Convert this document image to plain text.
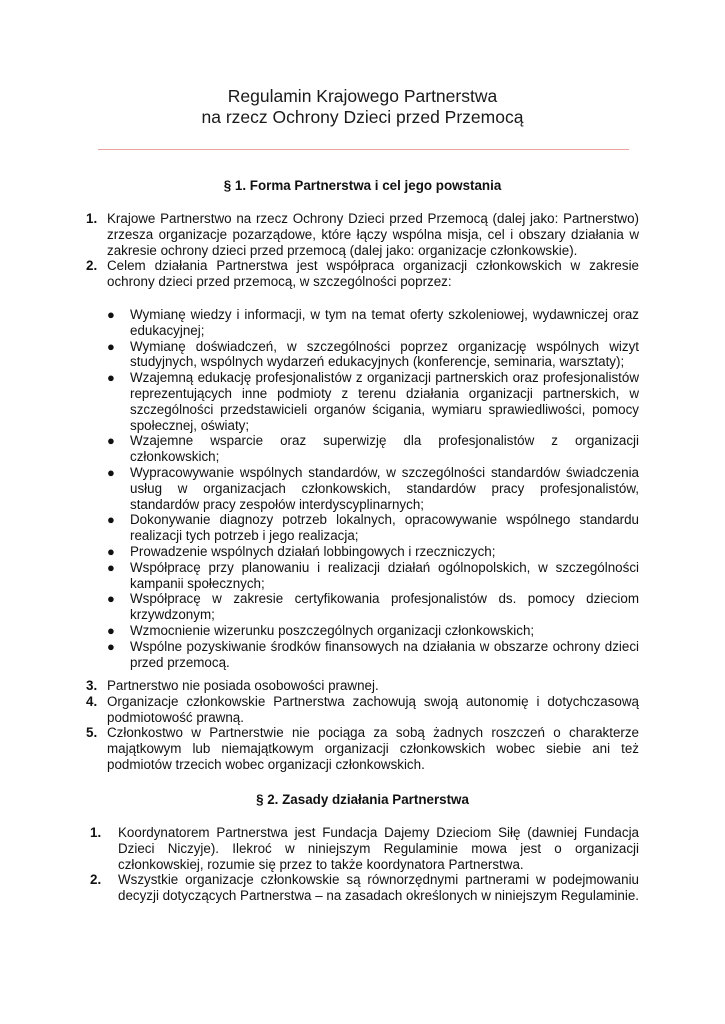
Regulamin Krajowego Partnerstwa
na rzecz Ochrony Dzieci przed Przemocą
§ 1. Forma Partnerstwa i cel jego powstania
1. Krajowe Partnerstwo na rzecz Ochrony Dzieci przed Przemocą (dalej jako: Partnerstwo) zrzesza organizacje pozarządowe, które łączy wspólna misja, cel i obszary działania w zakresie ochrony dzieci przed przemocą (dalej jako: organizacje członkowskie).
2. Celem działania Partnerstwa jest współpraca organizacji członkowskich w zakresie ochrony dzieci przed przemocą, w szczególności poprzez:
● Wymianę wiedzy i informacji, w tym na temat oferty szkoleniowej, wydawniczej oraz edukacyjnej;
● Wymianę doświadczeń, w szczególności poprzez organizację wspólnych wizyt studyjnych, wspólnych wydarzeń edukacyjnych (konferencje, seminaria, warsztaty);
● Wzajemną edukację profesjonalistów z organizacji partnerskich oraz profesjonalistów reprezentujących inne podmioty z terenu działania organizacji partnerskich, w szczególności przedstawicieli organów ścigania, wymiaru sprawiedliwości, pomocy społecznej, oświaty;
● Wzajemne wsparcie oraz superwizję dla profesjonalistów z organizacji członkowskich;
● Wypracowywanie wspólnych standardów, w szczególności standardów świadczenia usług w organizacjach członkowskich, standardów pracy profesjonalistów, standardów pracy zespołów interdyscyplinarnych;
● Dokonywanie diagnozy potrzeb lokalnych, opracowywanie wspólnego standardu realizacji tych potrzeb i jego realizacja;
● Prowadzenie wspólnych działań lobbingowych i rzeczniczych;
● Współpracę przy planowaniu i realizacji działań ogólnopolskich, w szczególności kampanii społecznych;
● Współpracę w zakresie certyfikowania profesjonalistów ds. pomocy dzieciom krzywdzonym;
● Wzmocnienie wizerunku poszczególnych organizacji członkowskich;
● Wspólne pozyskiwanie środków finansowych na działania w obszarze ochrony dzieci przed przemocą.
3. Partnerstwo nie posiada osobowości prawnej.
4. Organizacje członkowskie Partnerstwa zachowują swoją autonomię i dotychczasową podmiotowość prawną.
5. Członkostwo w Partnerstwie nie pociąga za sobą żadnych roszczeń o charakterze majątkowym lub niemajątkowym organizacji członkowskich wobec siebie ani też podmiotów trzecich wobec organizacji członkowskich.
§ 2. Zasady działania Partnerstwa
1. Koordynatorem Partnerstwa jest Fundacja Dajemy Dzieciom Siłę (dawniej Fundacja Dzieci Niczyje). Ilekroć w niniejszym Regulaminie mowa jest o organizacji członkowskiej, rozumie się przez to także koordynatora Partnerstwa.
2. Wszystkie organizacje członkowskie są równorzędnymi partnerami w podejmowaniu decyzji dotyczących Partnerstwa – na zasadach określonych w niniejszym Regulaminie.
